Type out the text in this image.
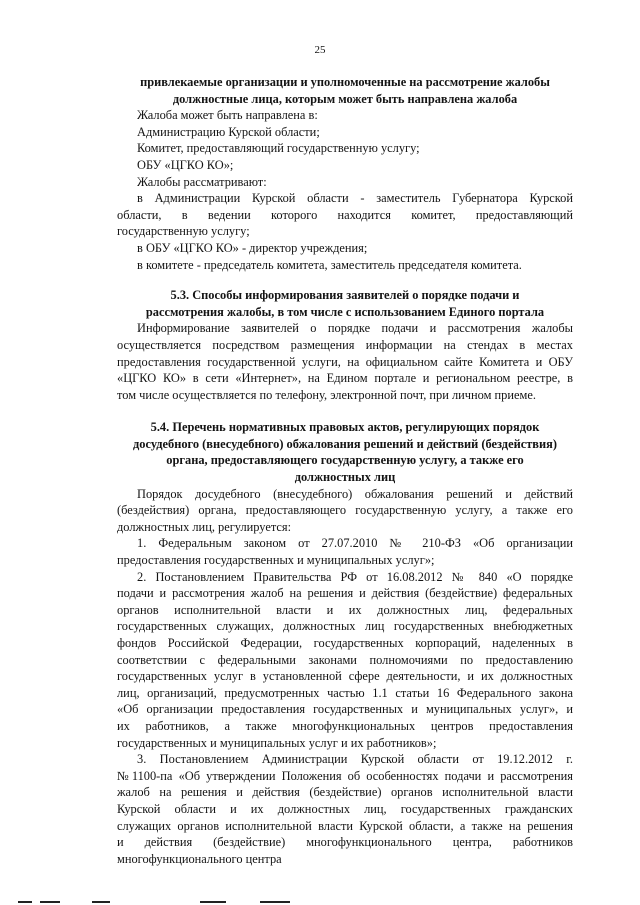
25
привлекаемые организации и уполномоченные на рассмотрение жалобы
должностные лица, которым может быть направлена жалоба
Жалоба может быть направлена в:
Администрацию Курской области;
Комитет, предоставляющий государственную услугу;
ОБУ «ЦГКО КО»;
Жалобы рассматривают:
в Администрации Курской области - заместитель Губернатора Курской
области, в ведении которого находится комитет, предоставляющий
государственную услугу;
в ОБУ «ЦГКО КО» - директор учреждения;
в комитете - председатель комитета, заместитель председателя комитета.
5.3. Способы информирования заявителей о порядке подачи и
рассмотрения жалобы, в том числе с использованием Единого портала
Информирование заявителей о порядке подачи и рассмотрения жалобы
осуществляется посредством размещения информации на стендах в местах
предоставления государственной услуги, на официальном сайте Комитета и ОБУ
«ЦГКО КО» в сети «Интернет», на Едином портале и региональном реестре, в
том числе осуществляется по телефону, электронной почт, при личном приеме.
5.4. Перечень нормативных правовых актов, регулирующих порядок
досудебного (внесудебного) обжалования решений и действий (бездействия)
органа, предоставляющего государственную услугу, а также его
должностных лиц
Порядок досудебного (внесудебного) обжалования решений и действий
(бездействия) органа, предоставляющего государственную услугу, а также его
должностных лиц, регулируется:
1. Федеральным законом от 27.07.2010 № 210-ФЗ «Об организации
предоставления государственных и муниципальных услуг»;
2. Постановлением Правительства РФ от 16.08.2012 № 840 «О порядке
подачи и рассмотрения жалоб на решения и действия (бездействие) федеральных
органов исполнительной власти и их должностных лиц, федеральных
государственных служащих, должностных лиц государственных внебюджетных
фондов Российской Федерации, государственных корпораций, наделенных в
соответствии с федеральными законами полномочиями по предоставлению
государственных услуг в установленной сфере деятельности, и их должностных
лиц, организаций, предусмотренных частью 1.1 статьи 16 Федерального закона
«Об организации предоставления государственных и муниципальных услуг», и
их работников, а также многофункциональных центров предоставления
государственных и муниципальных услуг и их работников»;
3. Постановлением Администрации Курской области от 19.12.2012 г.
№1100-па «Об утверждении Положения об особенностях подачи и рассмотрения
жалоб на решения и действия (бездействие) органов исполнительной власти
Курской области и их должностных лиц, государственных гражданских
служащих органов исполнительной власти Курской области, а также на решения
и действия (бездействие) многофункционального центра, работников
многофункционального центра
